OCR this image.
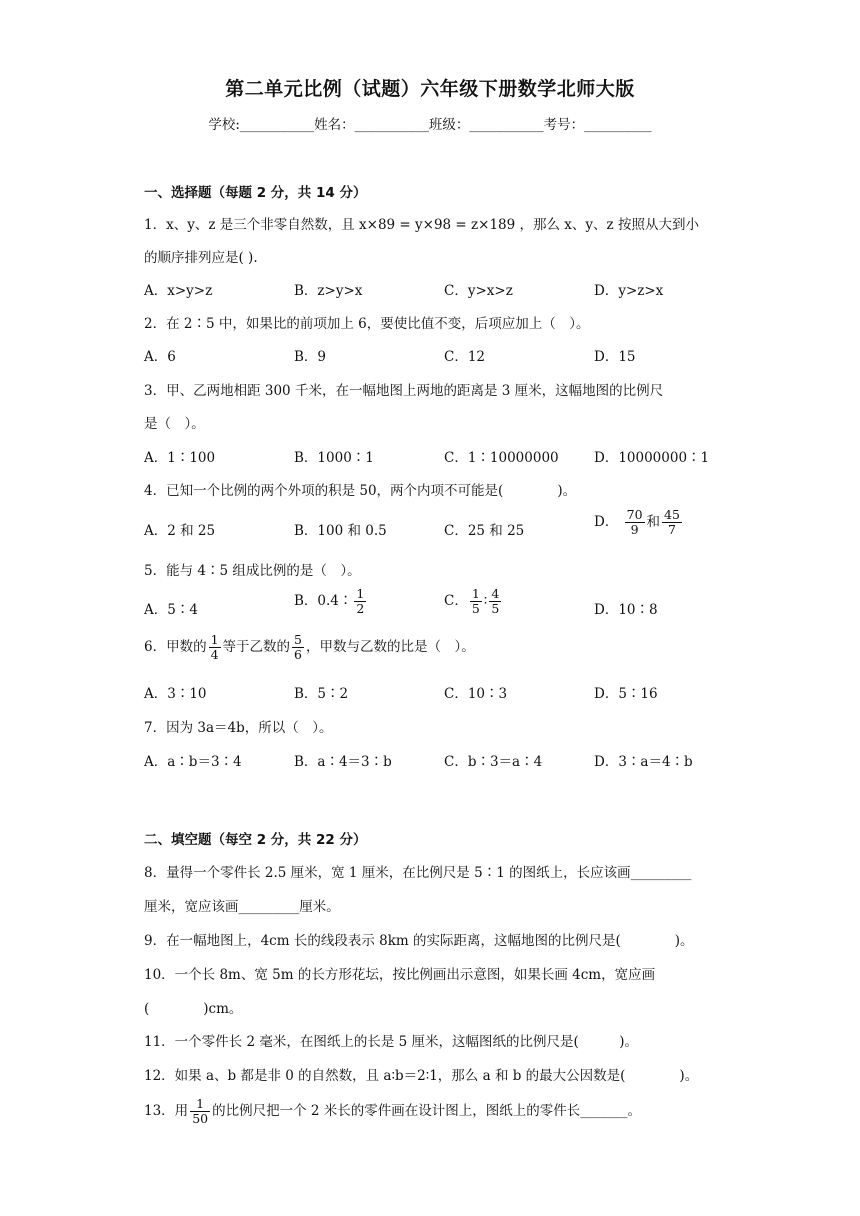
第二单元比例（试题）六年级下册数学北师大版
学校:___________姓名：___________班级：___________考号：__________
一、选择题（每题 2 分，共 14 分）
1．x、y、z 是三个非零自然数，且 x×89 = y×98 = z×189 ，那么 x、y、z 按照从大到小
的顺序排列应是( ).
A．x>y>z	B．z>y>x	C．y>x>z	D．y>z>x
2．在 2∶5 中，如果比的前项加上 6，要使比值不变，后项应加上（　）。
A．6	B．9	C．12	D．15
3．甲、乙两地相距 300 千米，在一幅地图上两地的距离是 3 厘米，这幅地图的比例尺
是（　）。
A．1∶100	B．1000∶1	C．1∶10000000	D．10000000∶1
4．已知一个比例的两个外项的积是 50，两个内项不可能是(　　　　)。
A．2 和 25	B．100 和 0.5	C．25 和 25
D． $\frac{70}{9}$ 和 $\frac{45}{7}$
5．能与 4∶5 组成比例的是（　）。
A．5∶4
B．0.4∶ $\frac{1}{2}$	C． $\frac{1}{5}$ ∶ $\frac{4}{5}$	D．10∶8
6．甲数的 $\frac{1}{4}$ 等于乙数的 $\frac{5}{6}$ ，甲数与乙数的比是（　）。
A．3∶10	B．5∶2	C．10∶3	D．5∶16
7．因为 3a＝4b，所以（　）。
A．a∶b＝3∶4	B．a∶4＝3∶b	C．b∶3＝a∶4	D．3∶a＝4∶b
二、填空题（每空 2 分，共 22 分）
8．量得一个零件长 2.5 厘米，宽 1 厘米，在比例尺是 5∶1 的图纸上，长应该画_________
厘米，宽应该画_________厘米。
9．在一幅地图上，4cm 长的线段表示 8km 的实际距离，这幅地图的比例尺是(　　　　)。
10．一个长 8m、宽 5m 的长方形花坛，按比例画出示意图，如果长画 4cm，宽应画
(　　　　)cm。
11．一个零件长 2 毫米，在图纸上的长是 5 厘米，这幅图纸的比例尺是(　　　)。
12．如果 a、b 都是非 0 的自然数，且 a∶b＝2∶1，那么 a 和 b 的最大公因数是(　　　　)。
13．用 $\frac{1}{50}$ 的比例尺把一个 2 米长的零件画在设计图上，图纸上的零件长_______。
